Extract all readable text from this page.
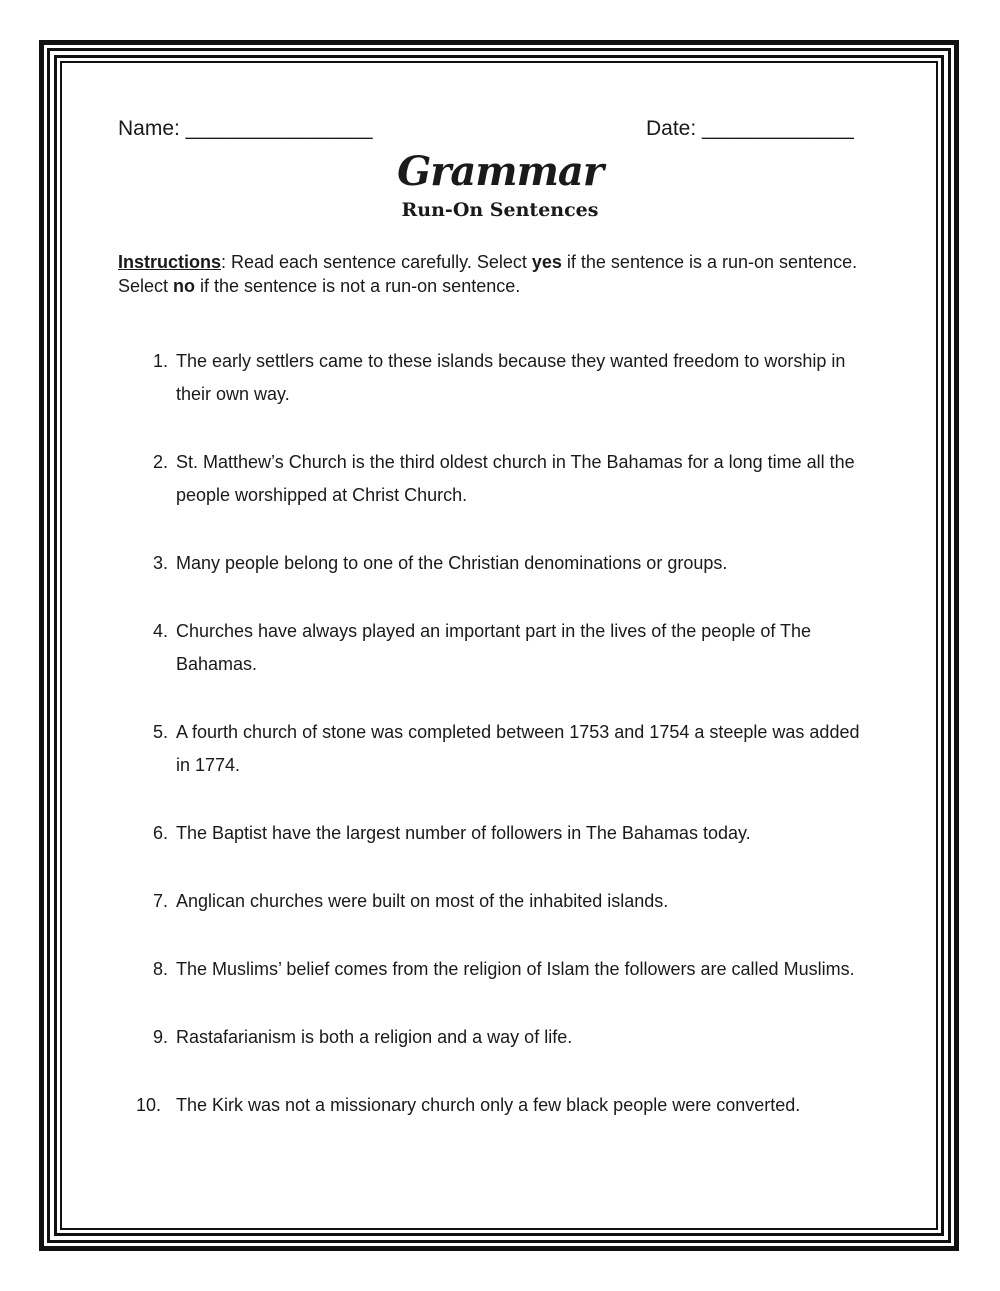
Name: ________________	Date: _____________
Grammar
Run-On Sentences
Instructions: Read each sentence carefully. Select yes if the sentence is a run-on sentence. Select no if the sentence is not a run-on sentence.
1. The early settlers came to these islands because they wanted freedom to worship in their own way.
2. St. Matthew’s Church is the third oldest church in The Bahamas for a long time all the people worshipped at Christ Church.
3. Many people belong to one of the Christian denominations or groups.
4. Churches have always played an important part in the lives of the people of The Bahamas.
5. A fourth church of stone was completed between 1753 and 1754 a steeple was added in 1774.
6. The Baptist have the largest number of followers in The Bahamas today.
7. Anglican churches were built on most of the inhabited islands.
8. The Muslims’ belief comes from the religion of Islam the followers are called Muslims.
9. Rastafarianism is both a religion and a way of life.
10. The Kirk was not a missionary church only a few black people were converted.
